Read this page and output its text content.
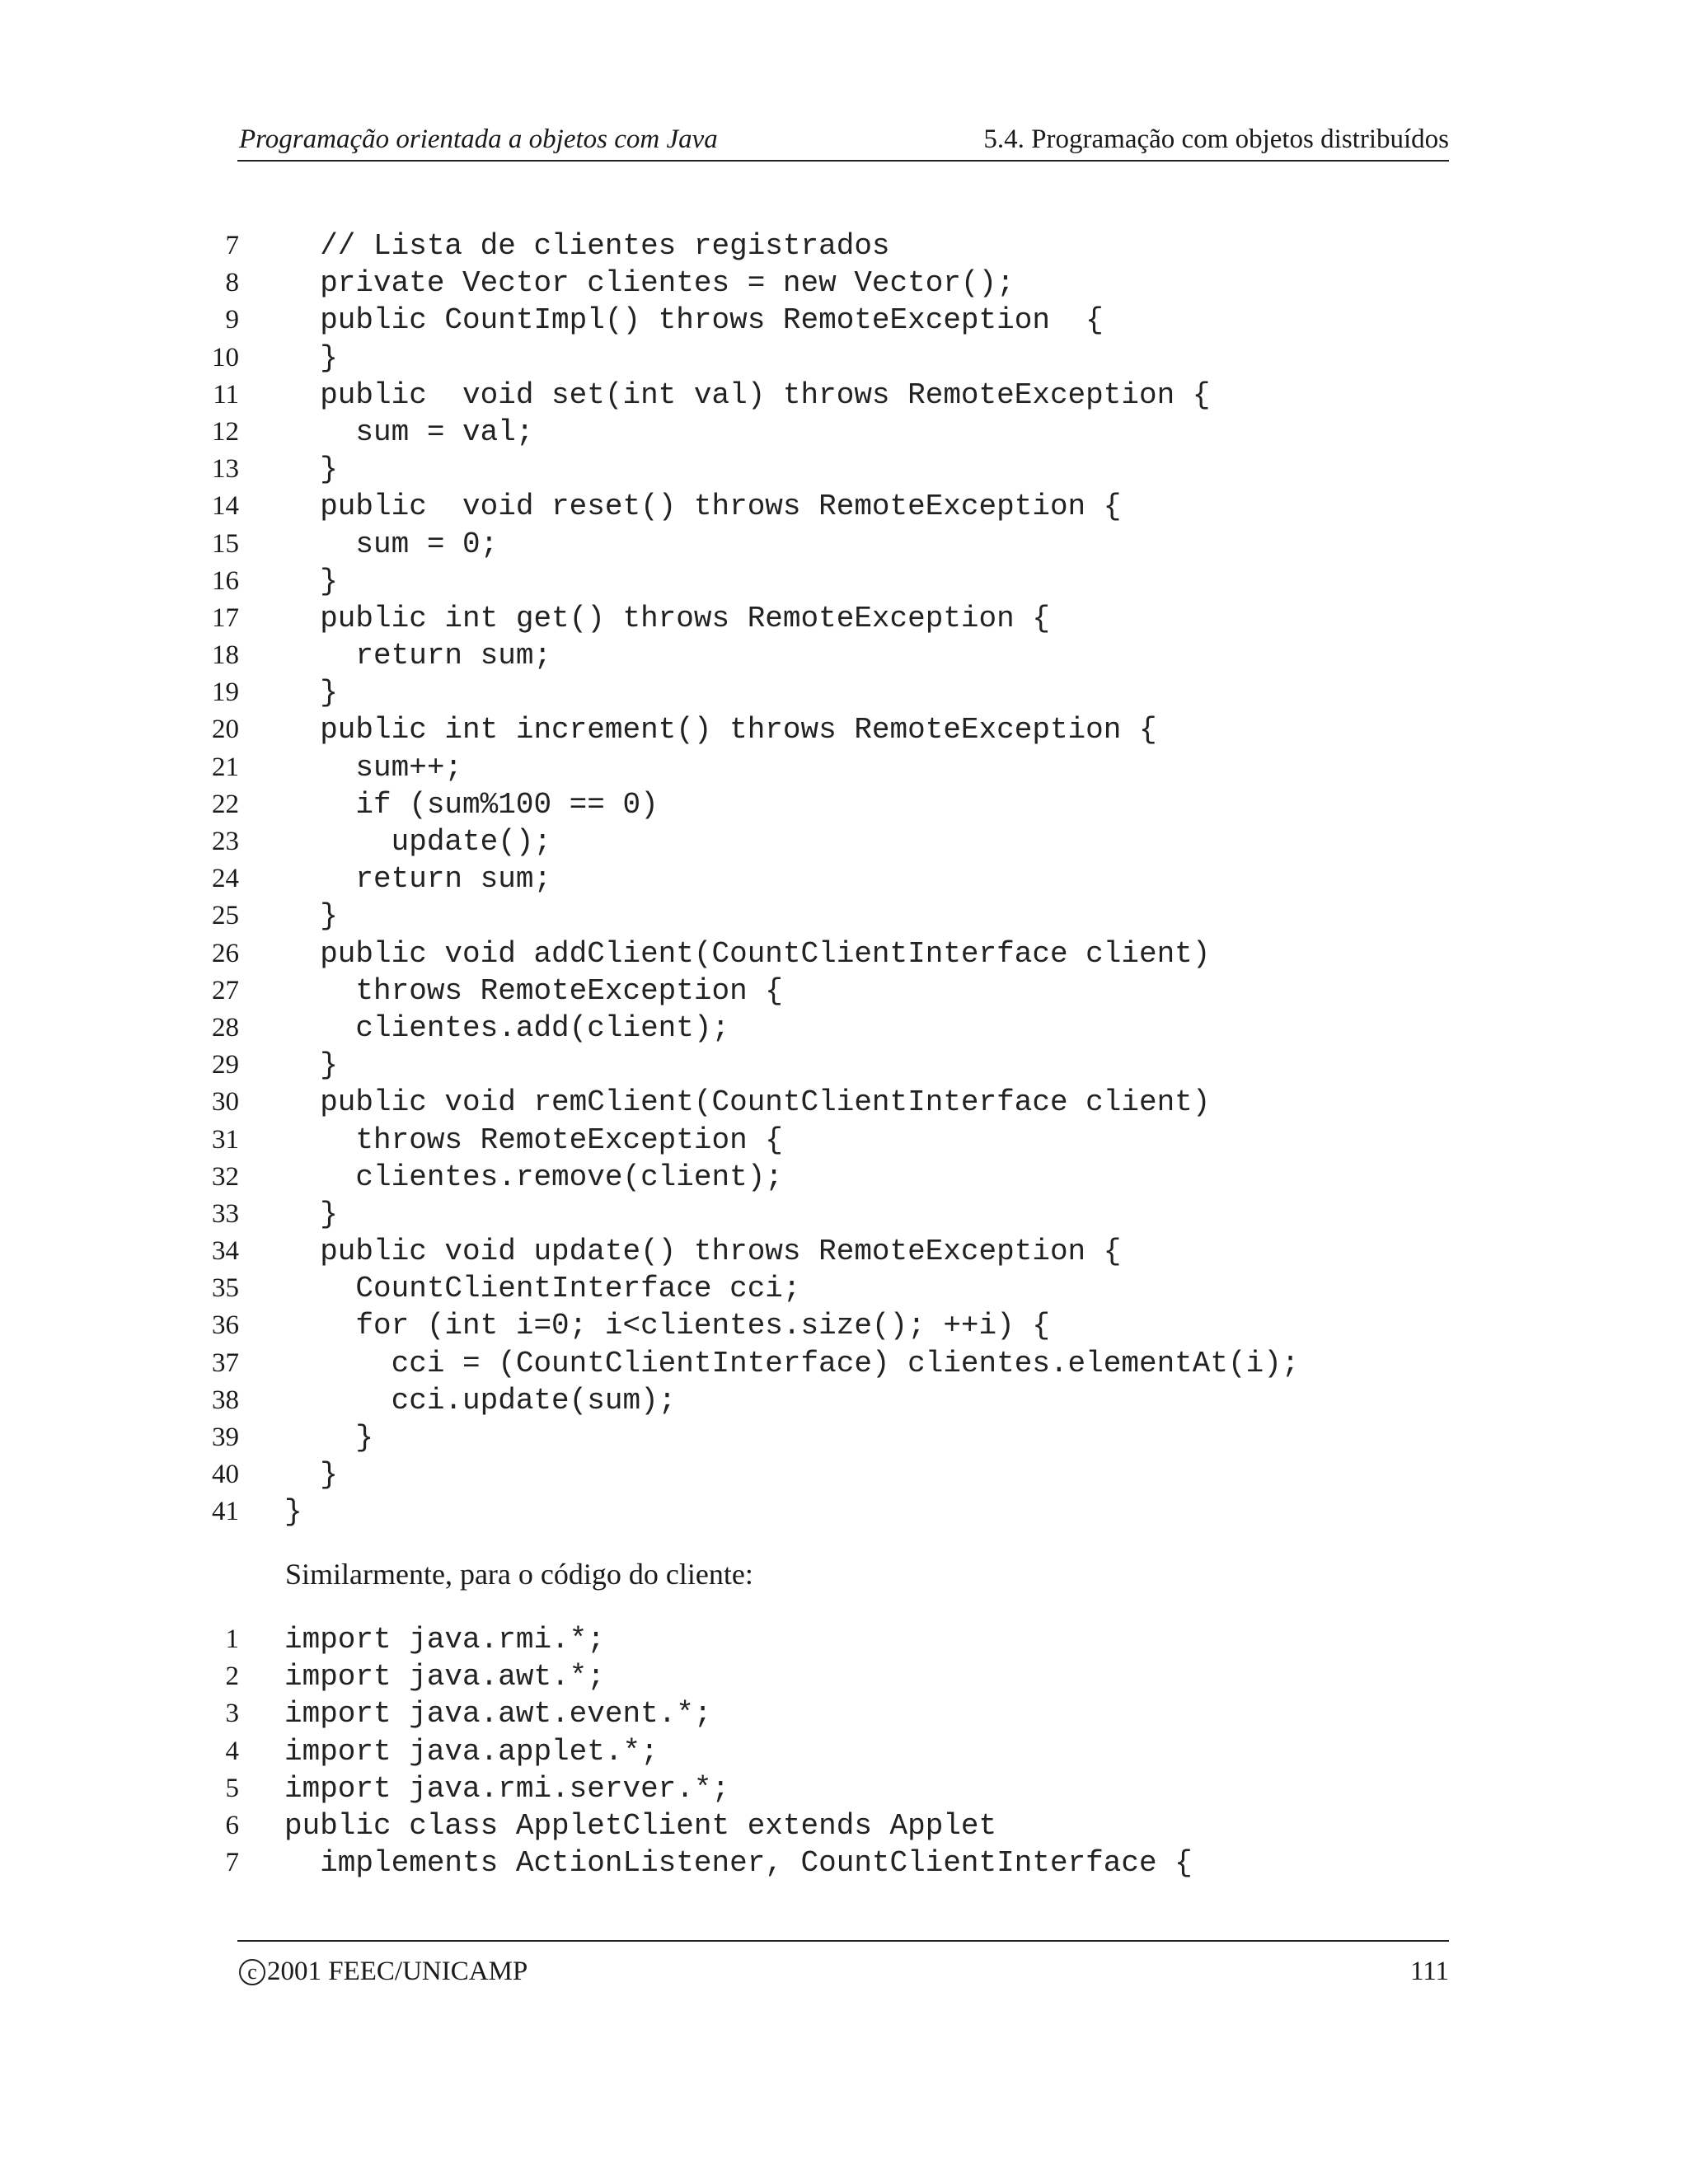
Programação orientada a objetos com Java	5.4. Programação com objetos distribuídos
7 // Lista de clientes registrados
8 private Vector clientes = new Vector();
9 public CountImpl() throws RemoteException  {
10 }
11 public  void set(int val) throws RemoteException {
12 sum = val;
13 }
14 public  void reset() throws RemoteException {
15 sum = 0;
16 }
17 public int get() throws RemoteException {
18 return sum;
19 }
20 public int increment() throws RemoteException {
21 sum++;
22 if (sum%100 == 0)
23 update();
24 return sum;
25 }
26 public void addClient(CountClientInterface client)
27 throws RemoteException {
28 clientes.add(client);
29 }
30 public void remClient(CountClientInterface client)
31 throws RemoteException {
32 clientes.remove(client);
33 }
34 public void update() throws RemoteException {
35 CountClientInterface cci;
36 for (int i=0; i<clientes.size(); ++i) {
37 cci = (CountClientInterface) clientes.elementAt(i);
38 cci.update(sum);
39 }
40 }
41 }
Similarmente, para o código do cliente:
1 import java.rmi.*;
2 import java.awt.*;
3 import java.awt.event.*;
4 import java.applet.*;
5 import java.rmi.server.*;
6 public class AppletClient extends Applet
7 implements ActionListener, CountClientInterface {
c 2001 FEEC/UNICAMP	111
